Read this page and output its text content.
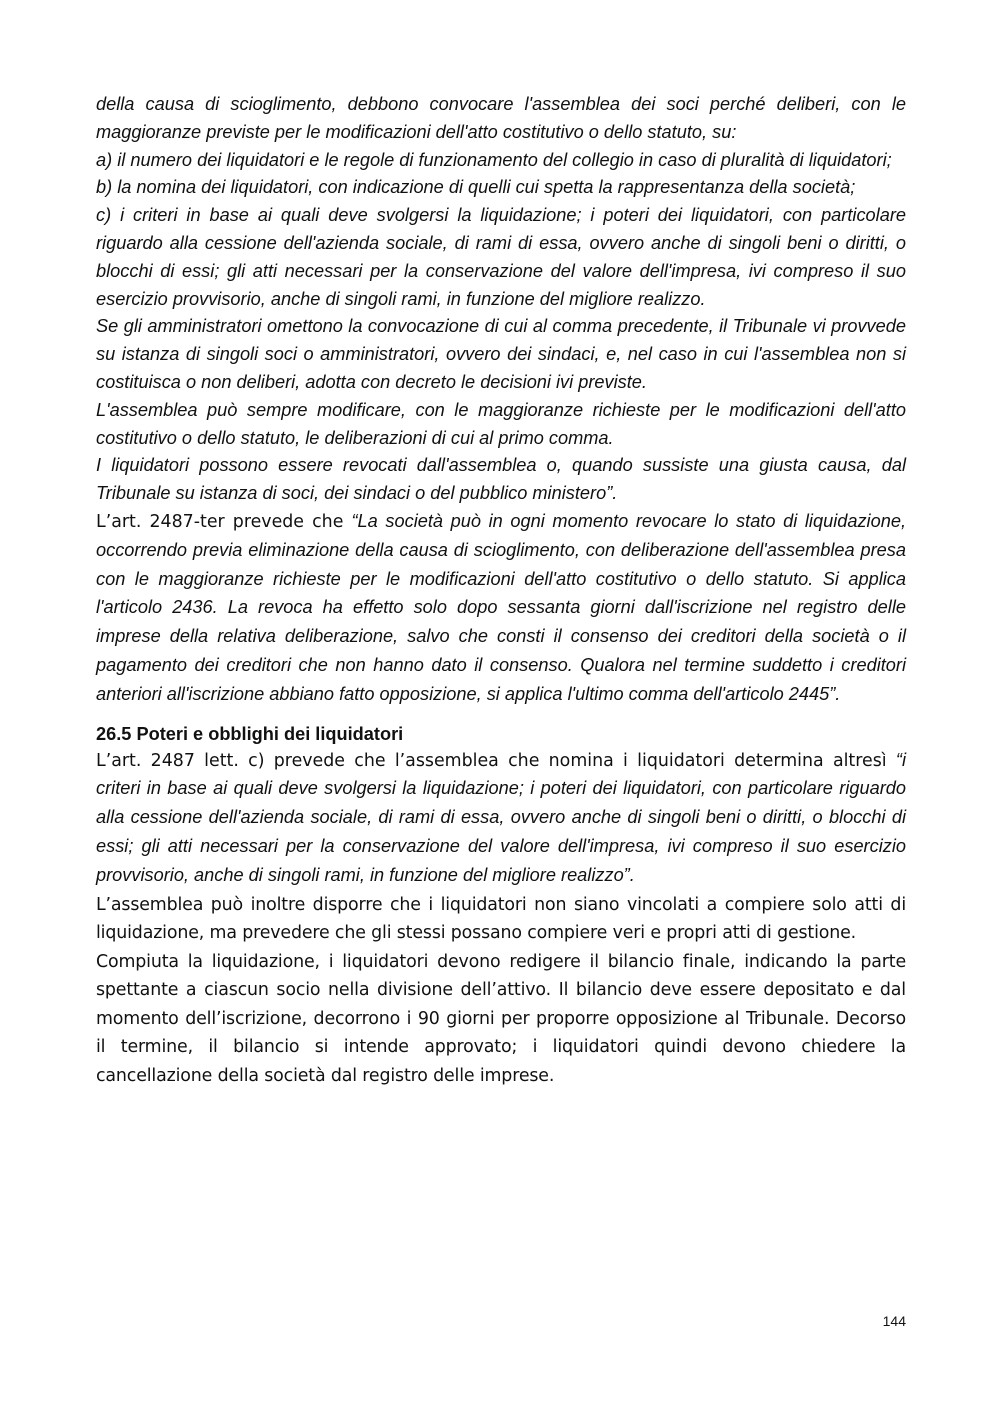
della causa di scioglimento, debbono convocare l'assemblea dei soci perché deliberi, con le maggioranze previste per le modificazioni dell'atto costitutivo o dello statuto, su:

a) il numero dei liquidatori e le regole di funzionamento del collegio in caso di pluralità di liquidatori;

b) la nomina dei liquidatori, con indicazione di quelli cui spetta la rappresentanza della società;

c) i criteri in base ai quali deve svolgersi la liquidazione; i poteri dei liquidatori, con particolare riguardo alla cessione dell'azienda sociale, di rami di essa, ovvero anche di singoli beni o diritti, o blocchi di essi; gli atti necessari per la conservazione del valore dell'impresa, ivi compreso il suo esercizio provvisorio, anche di singoli rami, in funzione del migliore realizzo.

Se gli amministratori omettono la convocazione di cui al comma precedente, il Tribunale vi provvede su istanza di singoli soci o amministratori, ovvero dei sindaci, e, nel caso in cui l'assemblea non si costituisca o non deliberi, adotta con decreto le decisioni ivi previste.

L'assemblea può sempre modificare, con le maggioranze richieste per le modificazioni dell'atto costitutivo o dello statuto, le deliberazioni di cui al primo comma.

I liquidatori possono essere revocati dall'assemblea o, quando sussiste una giusta causa, dal Tribunale su istanza di soci, dei sindaci o del pubblico ministero”.

L’art. 2487-ter prevede che “La società può in ogni momento revocare lo stato di liquidazione, occorrendo previa eliminazione della causa di scioglimento, con deliberazione dell'assemblea presa con le maggioranze richieste per le modificazioni dell'atto costitutivo o dello statuto. Si applica l'articolo 2436. La revoca ha effetto solo dopo sessanta giorni dall'iscrizione nel registro delle imprese della relativa deliberazione, salvo che consti il consenso dei creditori della società o il pagamento dei creditori che non hanno dato il consenso. Qualora nel termine suddetto i creditori anteriori all'iscrizione abbiano fatto opposizione, si applica l'ultimo comma dell'articolo 2445”.

26.5 Poteri e obblighi dei liquidatori

L’art. 2487 lett. c) prevede che l’assemblea che nomina i liquidatori determina altresì “i criteri in base ai quali deve svolgersi la liquidazione; i poteri dei liquidatori, con particolare riguardo alla cessione dell'azienda sociale, di rami di essa, ovvero anche di singoli beni o diritti, o blocchi di essi; gli atti necessari per la conservazione del valore dell'impresa, ivi compreso il suo esercizio provvisorio, anche di singoli rami, in funzione del migliore realizzo”.

L’assemblea può inoltre disporre che i liquidatori non siano vincolati a compiere solo atti di liquidazione, ma prevedere che gli stessi possano compiere veri e propri atti di gestione.

Compiuta la liquidazione, i liquidatori devono redigere il bilancio finale, indicando la parte spettante a ciascun socio nella divisione dell’attivo. Il bilancio deve essere depositato e dal momento dell’iscrizione, decorrono i 90 giorni per proporre opposizione al Tribunale. Decorso il termine, il bilancio si intende approvato; i liquidatori quindi devono chiedere la cancellazione della società dal registro delle imprese.

144
